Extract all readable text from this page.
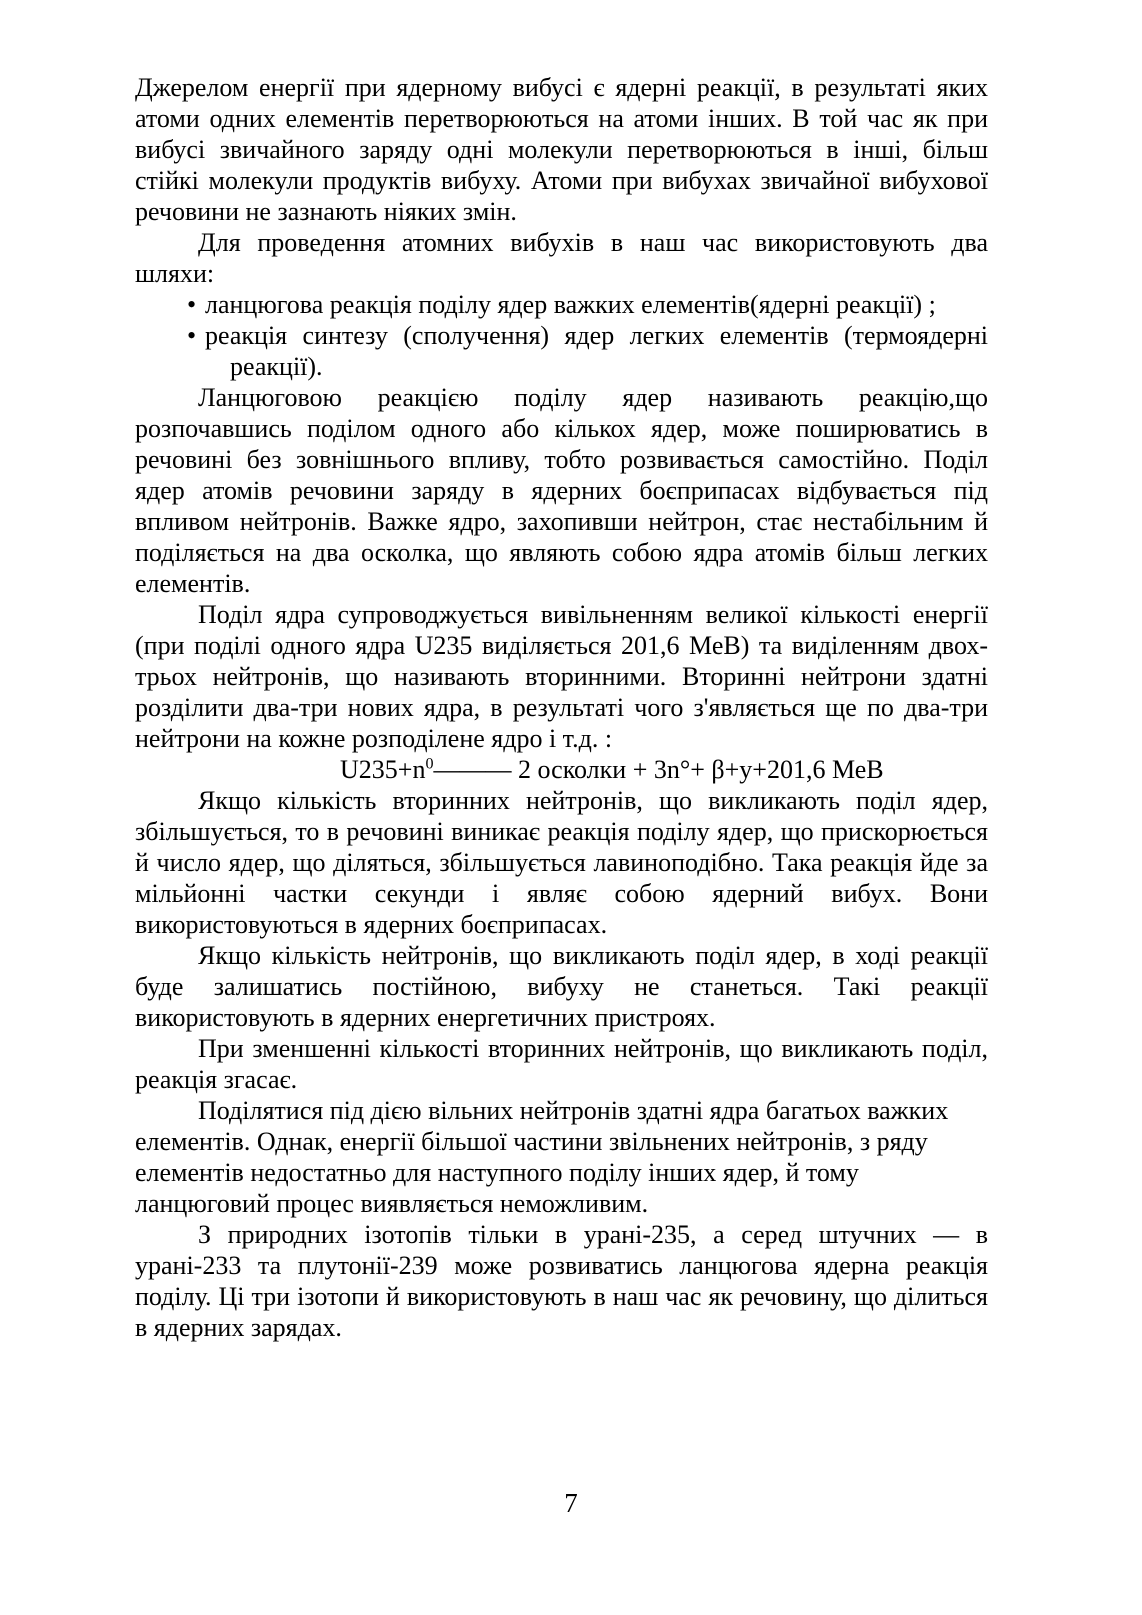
Джерелом енергії при ядерному вибусі є ядерні реакції, в результаті яких атоми одних елементів перетворюються на атоми інших. В той час як при вибусі звичайного заряду одні молекули перетворюються в інші, більш стійкі молекули продуктів вибуху. Атоми при вибухах звичайної вибухової речовини не зазнають ніяких змін.

Для проведення атомних вибухів в наш час використовують два шляхи:

• ланцюгова реакція поділу ядер важких елементів(ядерні реакції) ;
• реакція синтезу (сполучення) ядер легких елементів (термоядерні реакції).

Ланцюговою реакцією поділу ядер називають реакцію,що розпочавшись поділом одного або кількох ядер, може поширюватись в речовині без зовнішнього впливу, тобто розвивається самостійно. Поділ ядер атомів речовини заряду в ядерних боєприпасах відбувається під впливом нейтронів. Важке ядро, захопивши нейтрон, стає нестабільним й поділяється на два осколка, що являють собою ядра атомів більш легких елементів.

Поділ ядра супроводжується вивільненням великої кількості енергії (при поділі одного ядра U235 виділяється 201,6 МеВ) та виділенням двох-трьох нейтронів, що називають вторинними. Вторинні нейтрони здатні розділити два-три нових ядра, в результаті чого з'являється ще по два-три нейтрони на кожне розподілене ядро і т.д. :

$U235+n^0———$ 2 осколки + 3n°+ β+у+201,6 МеВ

Якщо кількість вторинних нейтронів, що викликають поділ ядер, збільшується, то в речовині виникає реакція поділу ядер, що прискорюється й число ядер, що діляться, збільшується лавиноподібно. Така реакція йде за мільйонні частки секунди і являє собою ядерний вибух. Вони використовуються в ядерних боєприпасах.

Якщо кількість нейтронів, що викликають поділ ядер, в ході реакції буде залишатись постійною, вибуху не станеться. Такі реакції використовують в ядерних енергетичних пристроях.

При зменшенні кількості вторинних нейтронів, що викликають поділ, реакція згасає.

Поділятися під дією вільних нейтронів здатні ядра багатьох важких елементів. Однак, енергії більшої частини звільнених нейтронів, з ряду елементів недостатньо для наступного поділу інших ядер, й тому ланцюговий процес виявляється неможливим.

З природних ізотопів тільки в урані-235, а серед штучних — в урані-233 та плутонії-239 може розвиватись ланцюгова ядерна реакція поділу. Ці три ізотопи й використовують в наш час як речовину, що ділиться в ядерних зарядах.

7
